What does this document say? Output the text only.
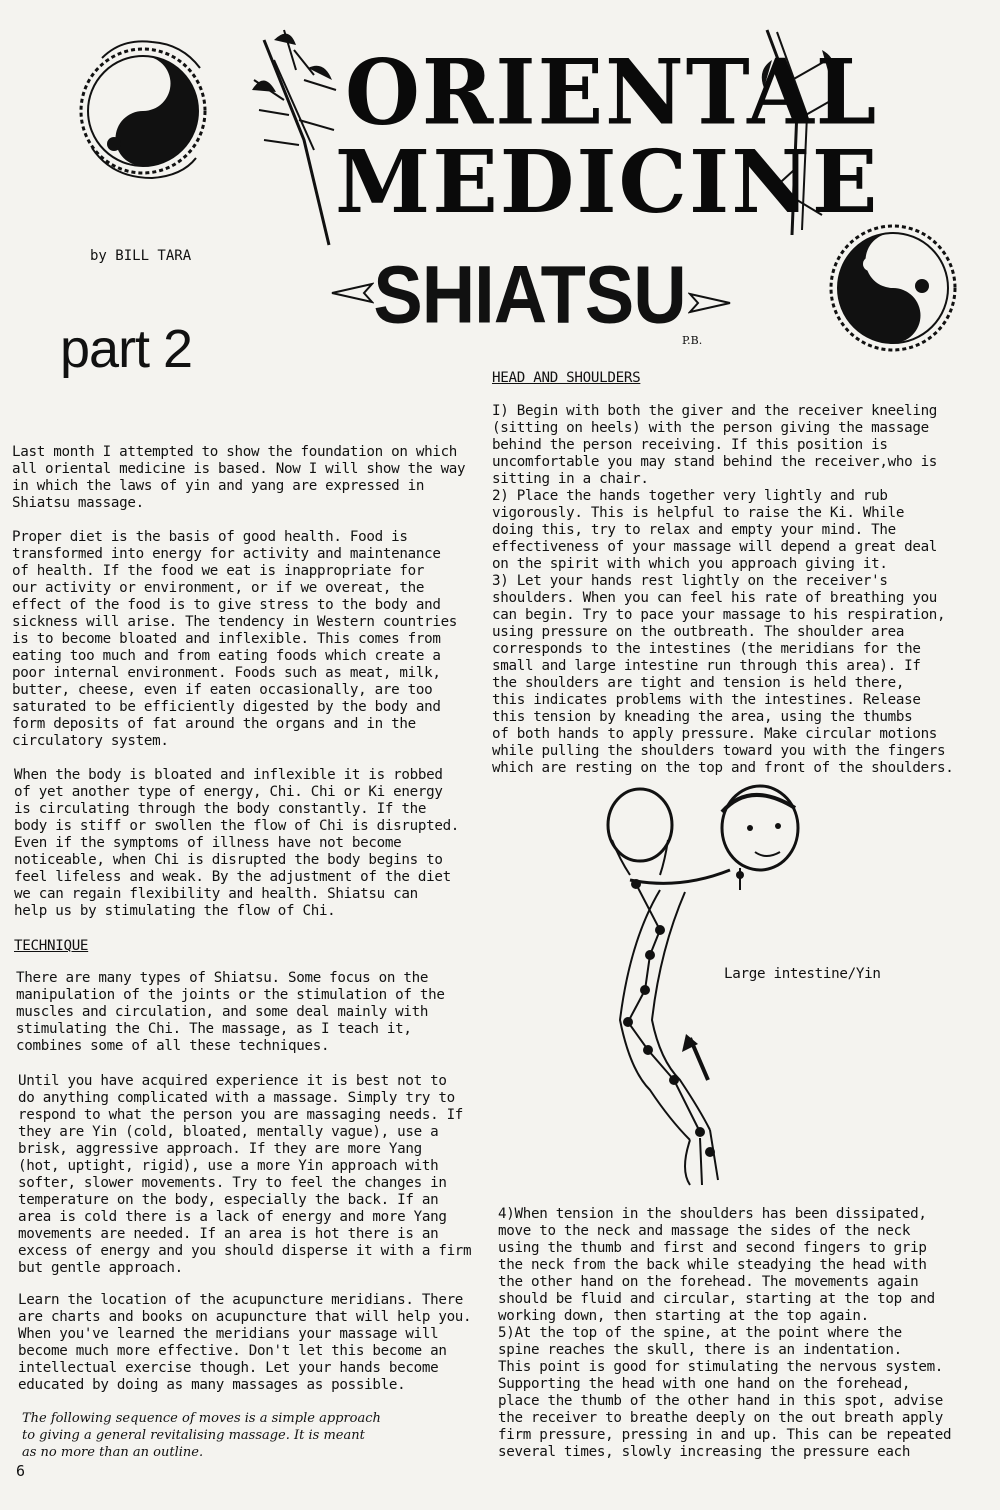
ORIENTAL
MEDICINE
SHIATSU
P.B.
by BILL TARA
part 2
Last month I attempted to show the foundation on which
all oriental medicine is based. Now I will show the way
in which the laws of yin and yang are expressed in
Shiatsu massage.
Proper diet is the basis of good health. Food is
transformed into energy for activity and maintenance
of health. If the food we eat is inappropriate for
our activity or environment, or if we overeat, the
effect of the food is to give stress to the body and
sickness will arise. The tendency in Western countries
is to become bloated and inflexible. This comes from
eating too much and from eating foods which create a
poor internal environment. Foods such as meat, milk,
butter, cheese, even if eaten occasionally, are too
saturated to be efficiently digested by the body and
form deposits of fat around the organs and in the
circulatory system.
When the body is bloated and inflexible it is robbed
of yet another type of energy, Chi. Chi or Ki energy
is circulating through the body constantly. If the
body is stiff or swollen the flow of Chi is disrupted.
Even if the symptoms of illness have not become
noticeable, when Chi is disrupted the body begins to
feel lifeless and weak. By the adjustment of the diet
we can regain flexibility and health. Shiatsu can
help us by stimulating the flow of Chi.
TECHNIQUE
There are many types of Shiatsu. Some focus on the
manipulation of the joints or the stimulation of the
muscles and circulation, and some deal mainly with
stimulating the Chi. The massage, as I teach it,
combines some of all these techniques.
Until you have acquired experience it is best not to
do anything complicated with a massage. Simply try to
respond to what the person you are massaging needs. If
they are Yin (cold, bloated, mentally vague), use a
brisk, aggressive approach. If they are more Yang
(hot, uptight, rigid), use a more Yin approach with
softer, slower movements. Try to feel the changes in
temperature on the body, especially the back. If an
area is cold there is a lack of energy and more Yang
movements are needed. If an area is hot there is an
excess of energy and you should disperse it with a firm
but gentle approach.
Learn the location of the acupuncture meridians. There
are charts and books on acupuncture that will help you.
When you've learned the meridians your massage will
become much more effective. Don't let this become an
intellectual exercise though. Let your hands become
educated by doing as many massages as possible.
The following sequence of moves is a simple approach
to giving a general revitalising massage. It is meant
as no more than an outline.
6
HEAD AND SHOULDERS
I) Begin with both the giver and the receiver kneeling
(sitting on heels) with the person giving the massage
behind the person receiving. If this position is
uncomfortable you may stand behind the receiver,who is
sitting in a chair.
2) Place the hands together very lightly and rub
vigorously. This is helpful to raise the Ki. While
doing this, try to relax and empty your mind. The
effectiveness of your massage will depend a great deal
on the spirit with which you approach giving it.
3) Let your hands rest lightly on the receiver's
shoulders. When you can feel his rate of breathing you
can begin. Try to pace your massage to his respiration,
using pressure on the outbreath. The shoulder area
corresponds to the intestines (the meridians for the
small and large intestine run through this area). If
the shoulders are tight and tension is held there,
this indicates problems with the intestines. Release
this tension by kneading the area, using the thumbs
of both hands to apply pressure. Make circular motions
while pulling the shoulders toward you with the fingers
which are resting on the top and front of the shoulders.
Large intestine/Yin
4)When tension in the shoulders has been dissipated,
move to the neck and massage the sides of the neck
using the thumb and first and second fingers to grip
the neck from the back while steadying the head with
the other hand on the forehead. The movements again
should be fluid and circular, starting at the top and
working down, then starting at the top again.
5)At the top of the spine, at the point where the
spine reaches the skull, there is an indentation.
This point is good for stimulating the nervous system.
Supporting the head with one hand on the forehead,
place the thumb of the other hand in this spot, advise
the receiver to breathe deeply on the out breath apply
firm pressure, pressing in and up. This can be repeated
several times, slowly increasing the pressure each
